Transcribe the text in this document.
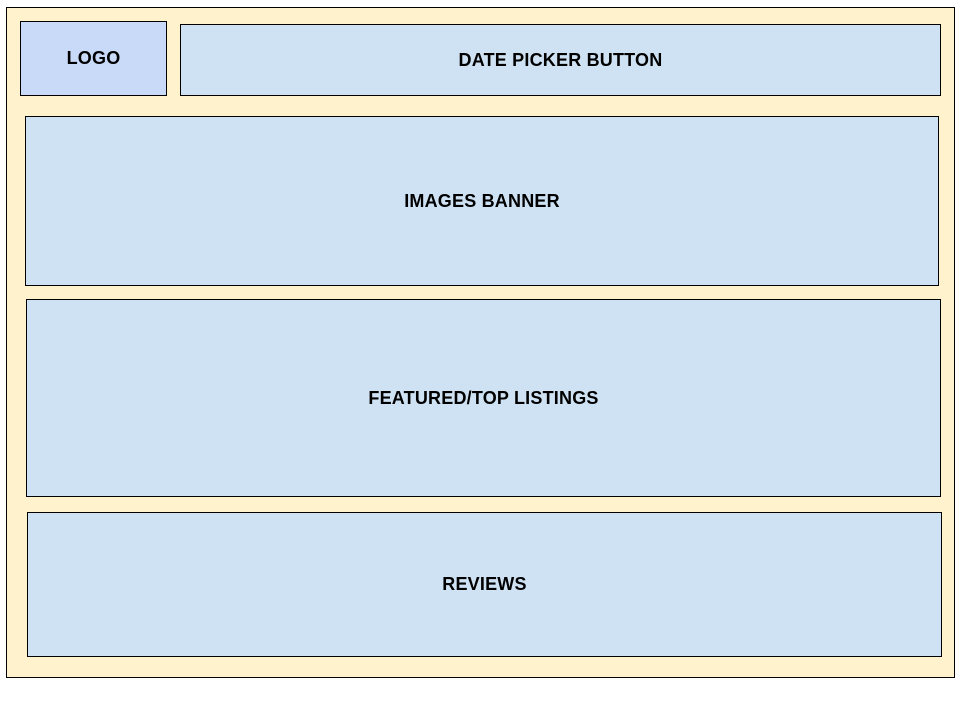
LOGO	DATE PICKER BUTTON
IMAGES BANNER
FEATURED/TOP LISTINGS
REVIEWS
